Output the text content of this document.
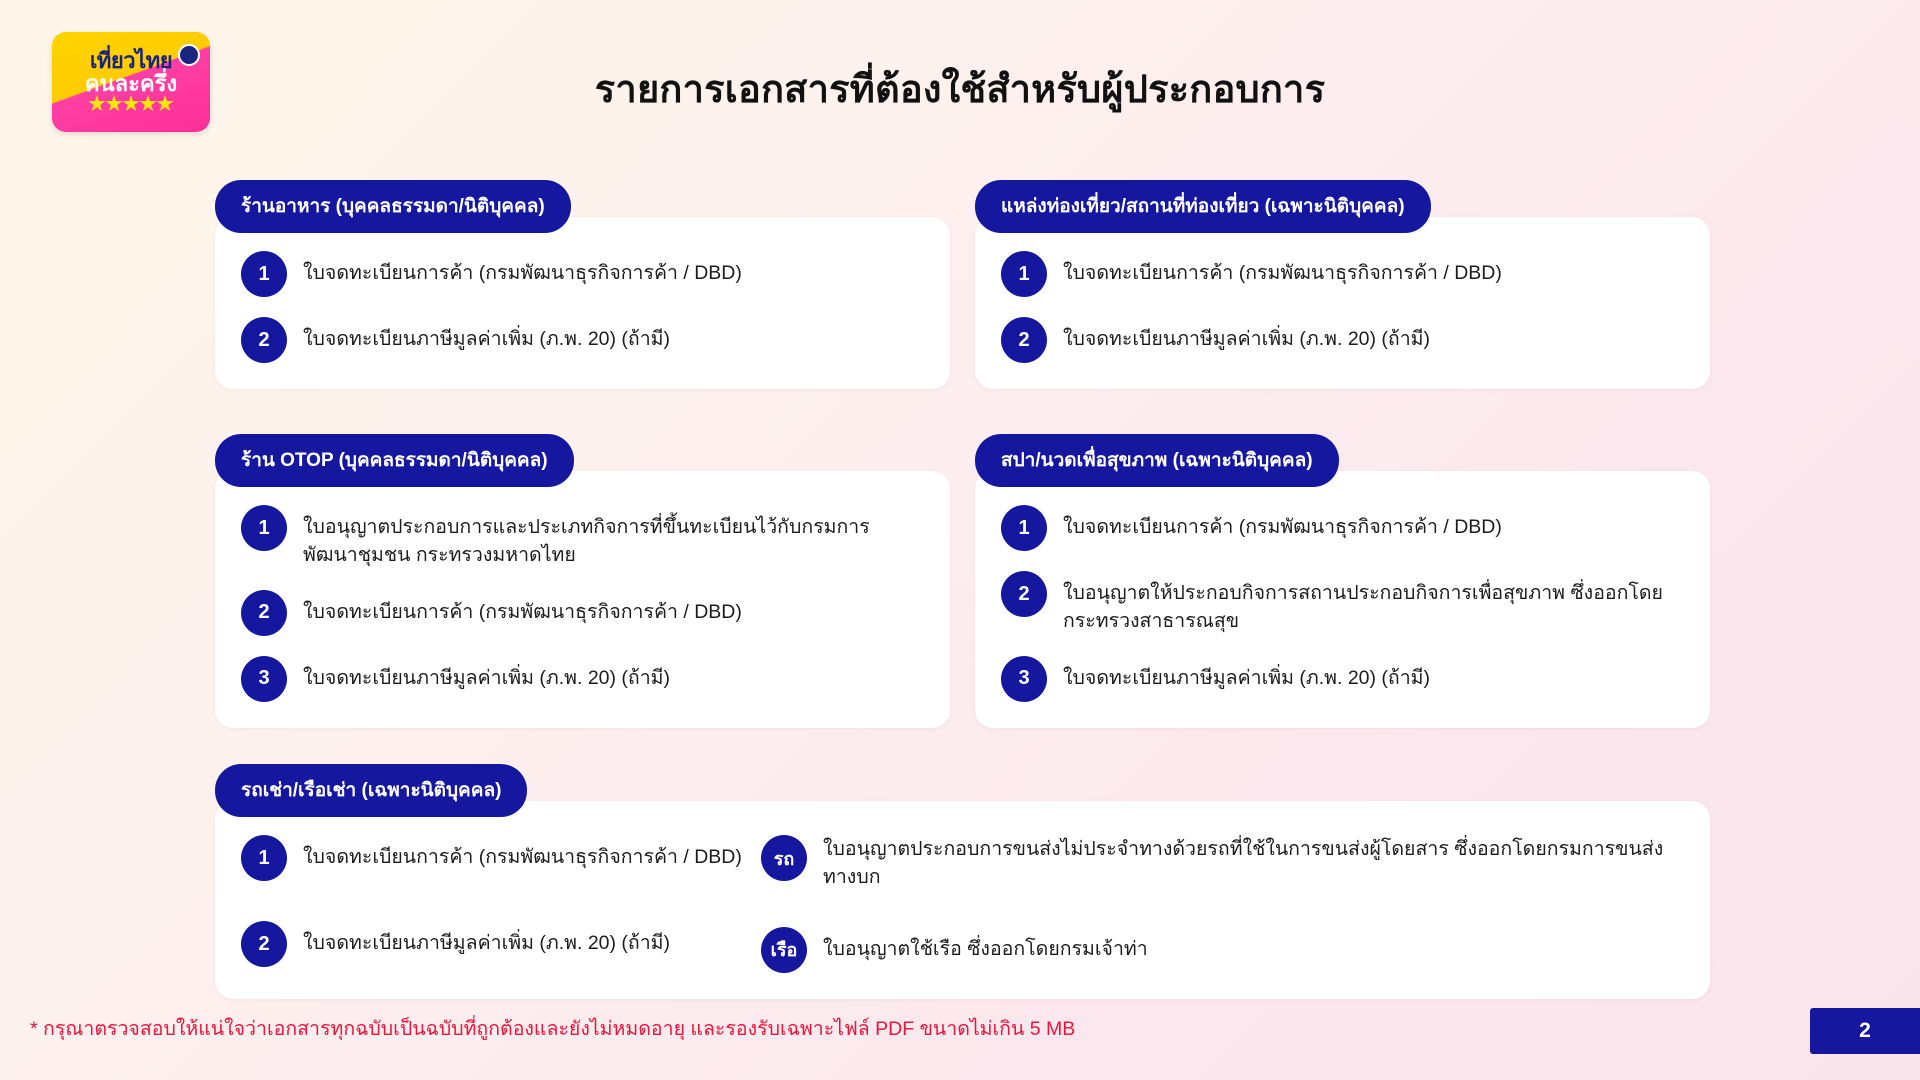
เที่ยวไทย
คนละครึ่ง
★★★★★	รายการเอกสารที่ต้องใช้สำหรับผู้ประกอบการ
ร้านอาหาร (บุคคลธรรมดา/นิติบุคคล)
1	ใบจดทะเบียนการค้า (กรมพัฒนาธุรกิจการค้า / DBD)
2	ใบจดทะเบียนภาษีมูลค่าเพิ่ม (ภ.พ. 20) (ถ้ามี)
แหล่งท่องเที่ยว/สถานที่ท่องเที่ยว (เฉพาะนิติบุคคล)
1	ใบจดทะเบียนการค้า (กรมพัฒนาธุรกิจการค้า / DBD)
2	ใบจดทะเบียนภาษีมูลค่าเพิ่ม (ภ.พ. 20) (ถ้ามี)
ร้าน OTOP (บุคคลธรรมดา/นิติบุคคล)
1	ใบอนุญาตประกอบการและประเภทกิจการที่ขึ้นทะเบียนไว้กับกรมการพัฒนาชุมชน กระทรวงมหาดไทย
2	ใบจดทะเบียนการค้า (กรมพัฒนาธุรกิจการค้า / DBD)
3	ใบจดทะเบียนภาษีมูลค่าเพิ่ม (ภ.พ. 20) (ถ้ามี)
สปา/นวดเพื่อสุขภาพ (เฉพาะนิติบุคคล)
1	ใบจดทะเบียนการค้า (กรมพัฒนาธุรกิจการค้า / DBD)
2	ใบอนุญาตให้ประกอบกิจการสถานประกอบกิจการเพื่อสุขภาพ ซึ่งออกโดยกระทรวงสาธารณสุข
3	ใบจดทะเบียนภาษีมูลค่าเพิ่ม (ภ.พ. 20) (ถ้ามี)
รถเช่า/เรือเช่า (เฉพาะนิติบุคคล)
1	ใบจดทะเบียนการค้า (กรมพัฒนาธุรกิจการค้า / DBD)
2	ใบจดทะเบียนภาษีมูลค่าเพิ่ม (ภ.พ. 20) (ถ้ามี)
รถ	ใบอนุญาตประกอบการขนส่งไม่ประจำทางด้วยรถที่ใช้ในการขนส่งผู้โดยสาร ซึ่งออกโดยกรมการขนส่งทางบก
เรือ	ใบอนุญาตใช้เรือ ซึ่งออกโดยกรมเจ้าท่า
* กรุณาตรวจสอบให้แน่ใจว่าเอกสารทุกฉบับเป็นฉบับที่ถูกต้องและยังไม่หมดอายุ และรองรับเฉพาะไฟล์ PDF ขนาดไม่เกิน 5 MB	2
